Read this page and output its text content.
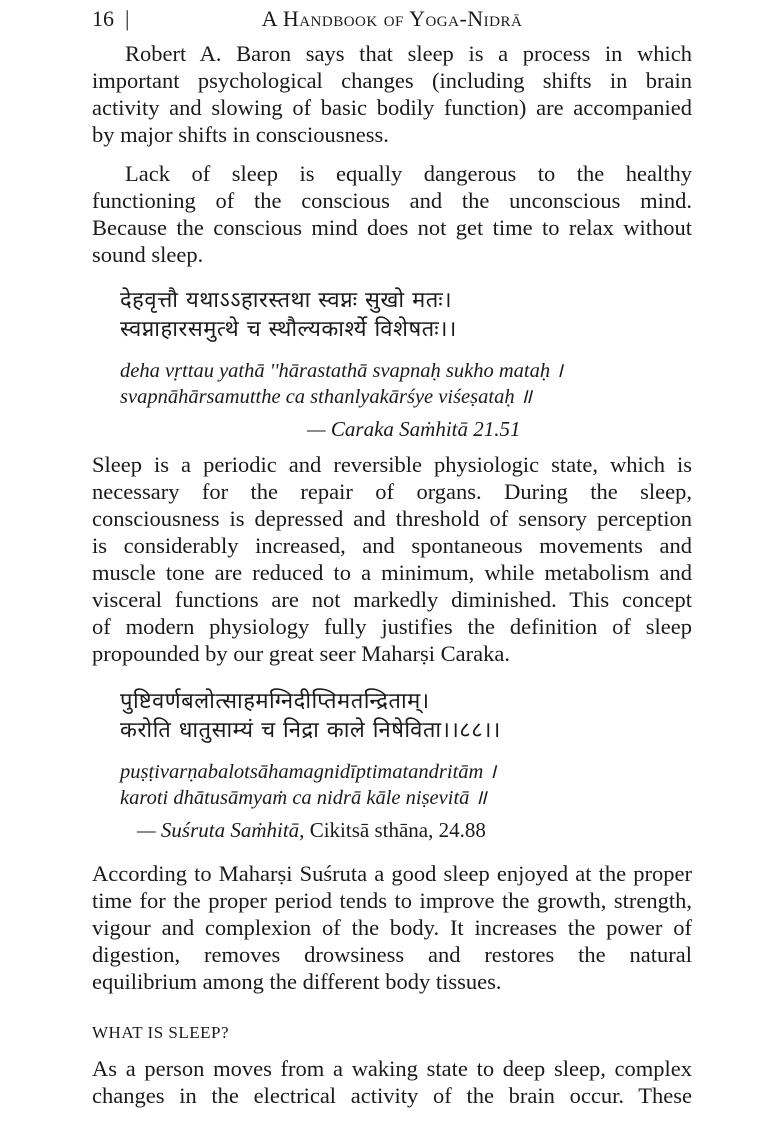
16 |	A Handbook of Yoga-Nidrā
Robert A. Baron says that sleep is a process in which
important psychological changes (including shifts in brain
activity and slowing of basic bodily function) are accompanied
by major shifts in consciousness.
Lack of sleep is equally dangerous to the healthy
functioning of the conscious and the unconscious mind.
Because the conscious mind does not get time to relax without
sound sleep.
देहवृत्तौ यथाऽऽहारस्तथा स्वप्नः सुखो मतः।
स्वप्नाहारसमुत्थे च स्थौल्यकार्श्ये विशेषतः।।
deha vṛttau yathā ''hārastathā svapnaḥ sukho mataḥ ।
svapnāhārsamutthe ca sthanlyakārśye viśeṣataḥ ॥
— Caraka Saṁhitā 21.51
Sleep is a periodic and reversible physiologic state, which is
necessary for the repair of organs. During the sleep,
consciousness is depressed and threshold of sensory perception
is considerably increased, and spontaneous movements and
muscle tone are reduced to a minimum, while metabolism and
visceral functions are not markedly diminished. This concept
of modern physiology fully justifies the definition of sleep
propounded by our great seer Maharṣi Caraka.
पुष्टिवर्णबलोत्साहमग्निदीप्तिमतन्द्रिताम्।
करोति धातुसाम्यं च निद्रा काले निषेविता।।८८।।
puṣṭivarṇabalotsāhamagnidīptimatandritām ।
karoti dhātusāmyaṁ ca nidrā kāle niṣevitā ॥
— Suśruta Saṁhitā, Cikitsā sthāna, 24.88
According to Maharṣi Suśruta a good sleep enjoyed at the proper
time for the proper period tends to improve the growth, strength,
vigour and complexion of the body. It increases the power of
digestion, removes drowsiness and restores the natural
equilibrium among the different body tissues.
WHAT IS SLEEP?
As a person moves from a waking state to deep sleep, complex
changes in the electrical activity of the brain occur. These
